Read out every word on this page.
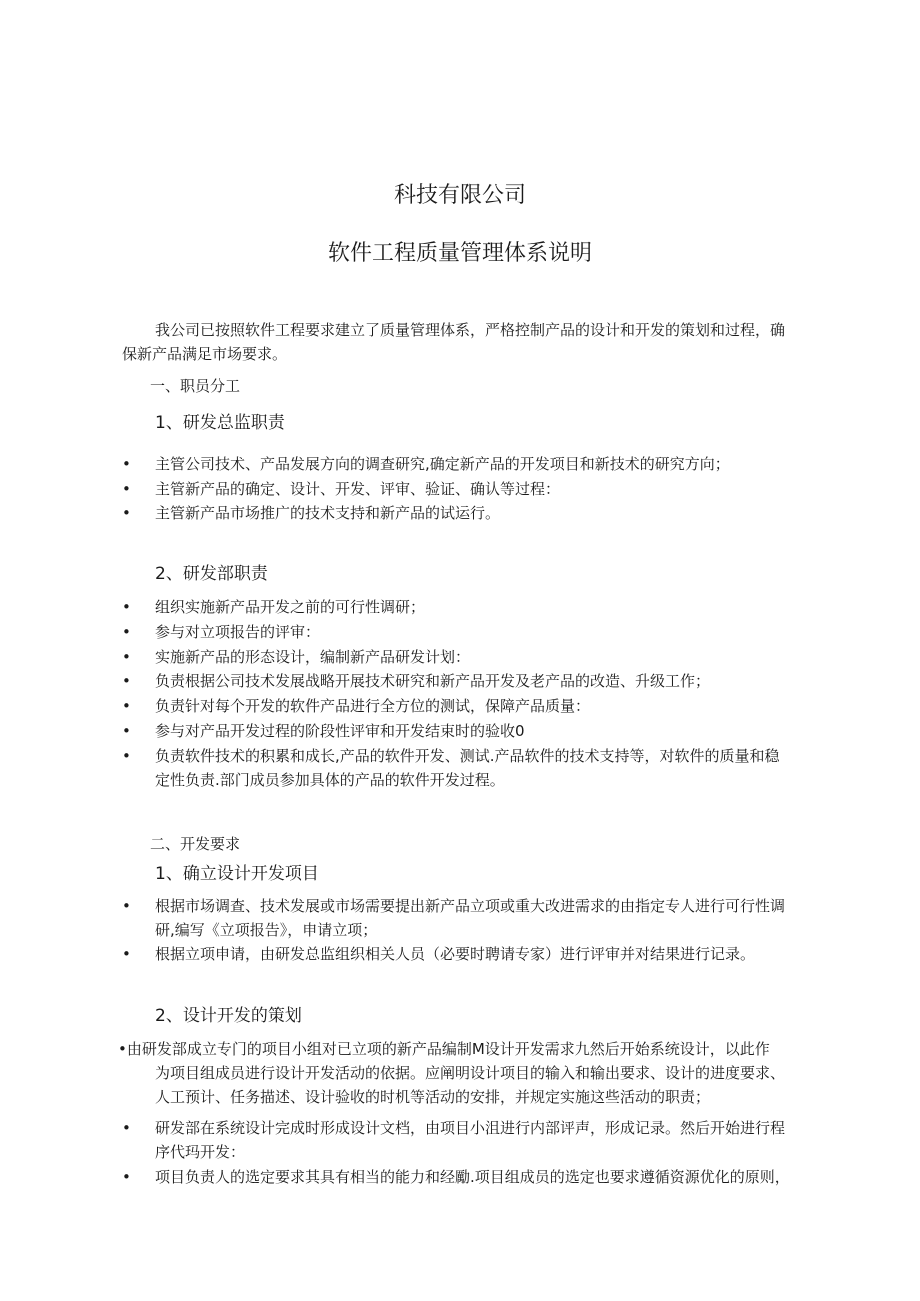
科技有限公司
软件工程质量管理体系说明
我公司已按照软件工程要求建立了质量管理体系，严格控制产品的设计和开发的策划和过程，确
保新产品满足市场要求。
一、职员分工
1、研发总监职责
主管公司技术、产品发展方向的调查研究,确定新产品的开发项目和新技术的研究方向；
主管新产品的确定、设计、开发、评审、验证、确认等过程：
主管新产品市场推广的技术支持和新产品的试运行。
2、研发部职责
组织实施新产品开发之前的可行性调研；
参与对立项报告的评审：
实施新产品的形态设计，编制新产品研发计划：
负责根据公司技术发展战略开展技术研究和新产品开发及老产品的改造、升级工作；
负责针对每个开发的软件产品进行全方位的测试，保障产品质量：
参与对产品开发过程的阶段性评审和开发结束时的验收0
负责软件技术的积累和成长,产品的软件开发、测试.产品软件的技术支持等，对软件的质量和稳
定性负责.部门成员参加具体的产品的软件开发过程。
二、开发要求
1、确立设计开发项目
根据市场调查、技术发展或市场需要提出新产品立项或重大改进需求的由指定专人进行可行性调
研,编写《立项报告》，申请立项；
根据立项申请，由研发总监组织相关人员（必要时聘请专家）进行评审并对结果进行记录。
2、设计开发的策划
•由研发部成立专门的项目小组对已立项的新产品编制M设计开发需求九然后开始系统设计，以此作
为项目组成员进行设计开发活动的依据。应阐明设计项目的输入和输出要求、设计的进度要求、
人工预计、任务描述、设计验收的时机等活动的安排，并规定实施这些活动的职责；
研发部在系统设计完成时形成设计文档，由项目小沮进行内部评声，形成记录。然后开始进行程
序代玛开发：
项目负责人的选定要求其具有相当的能力和经勵.项目组成员的选定也要求遵循资源优化的原则，
•
•
•
•
•
•
•
•
•
•
•
•
•
•
